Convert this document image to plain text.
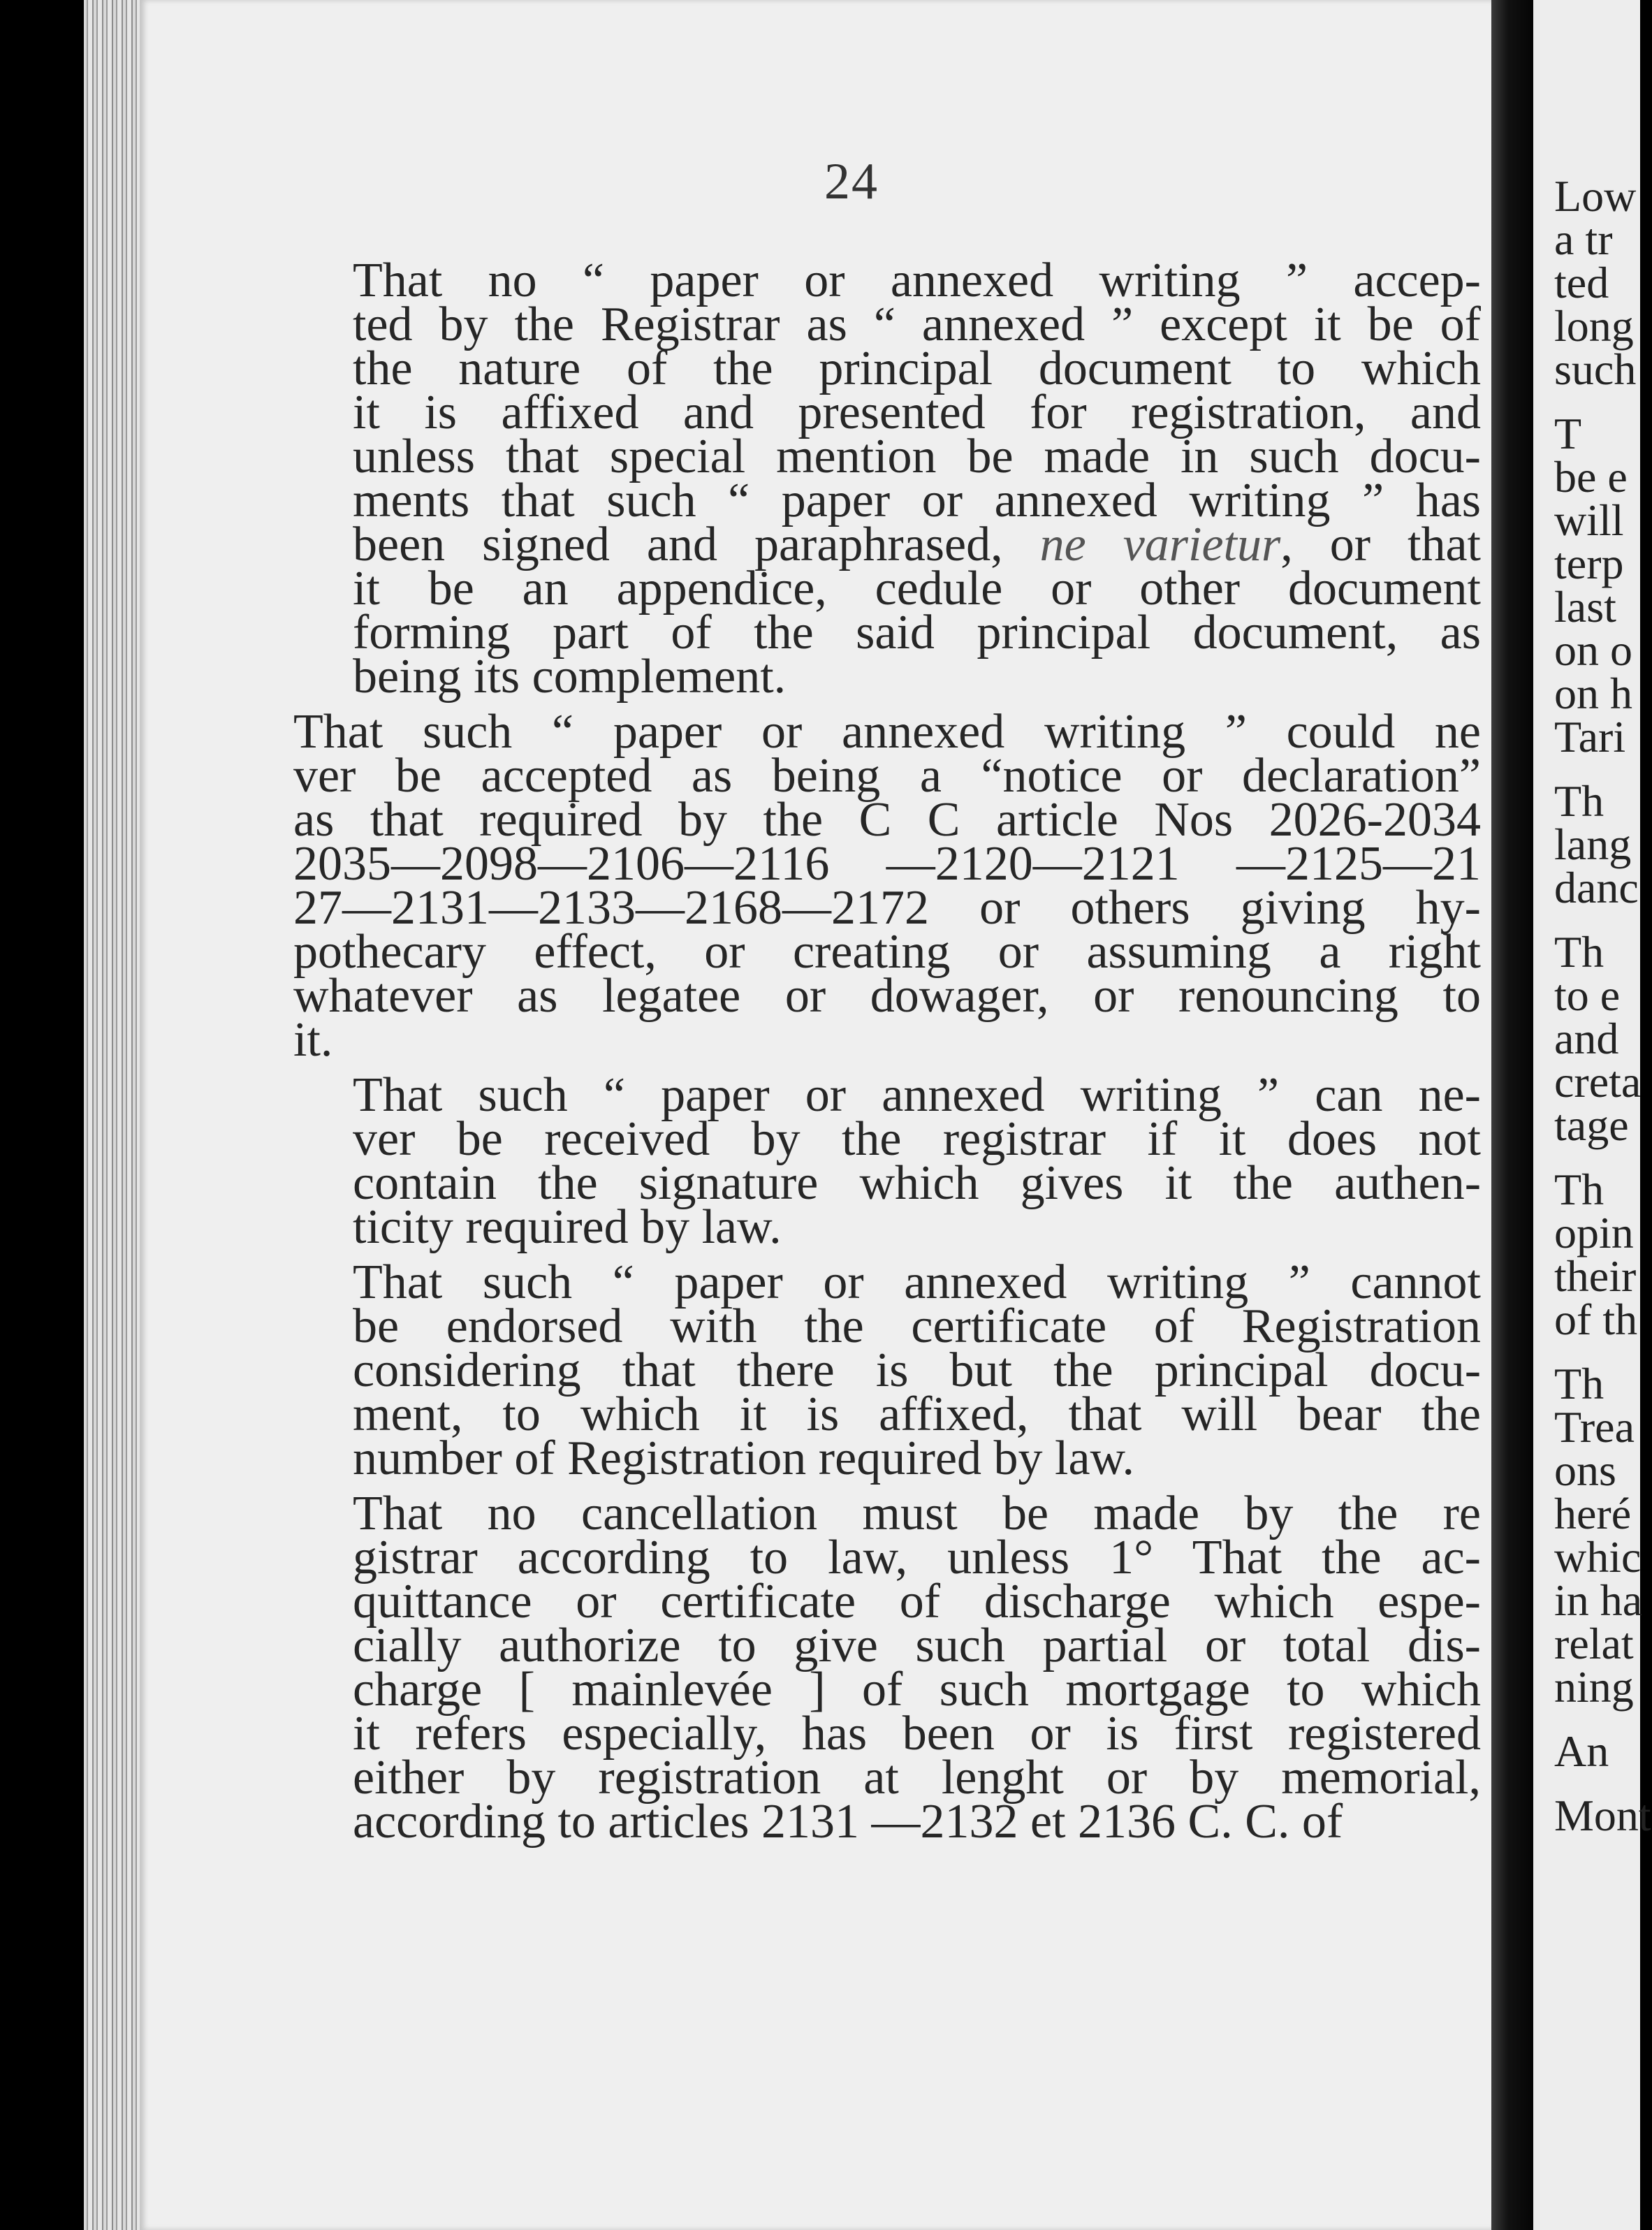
24

That no “ paper or annexed writing ” accep-
ted by the Registrar as “ annexed ” except it be of
the nature of the principal document to which
it is affixed and presented for registration, and
unless that special mention be made in such docu-
ments that such “ paper or annexed writing ” has
been signed and paraphrased, ne varietur, or that
it be an appendice, cedule or other document
forming part of the said principal document, as
being its complement.

That such “ paper or annexed writing ” could ne
ver be accepted as being a “notice or declaration”
as that required by the C C article Nos 2026-2034
2035—2098—2106—2116 —2120—2121 —2125—21
27—2131—2133—2168—2172 or others giving hy-
pothecary effect, or creating or assuming a right
whatever as legatee or dowager, or renouncing to
it.

That such “ paper or annexed writing ” can ne-
ver be received by the registrar if it does not
contain the signature which gives it the authen-
ticity required by law.

That such “ paper or annexed writing ” cannot
be endorsed with the certificate of Registration
considering that there is but the principal docu-
ment, to which it is affixed, that will bear the
number of Registration required by law.

That no cancellation must be made by the re
gistrar according to law, unless 1° That the ac-
quittance or certificate of discharge which espe-
cially authorize to give such partial or total dis-
charge [ mainlevée ] of such mortgage to which
it refers especially, has been or is first registered
either by registration at lenght or by memorial,
according to articles 2131 —2132 et 2136 C. C. of

Low
a tr
ted
long
such
T
be e
will
terp
last
on o
on h
Tari
Th
lang
danc
Th
to e
and
creta
tage
Th
opin
their
of th
Th
Trea
ons
heré
whic
in ha
relat
ning
An
Mont
